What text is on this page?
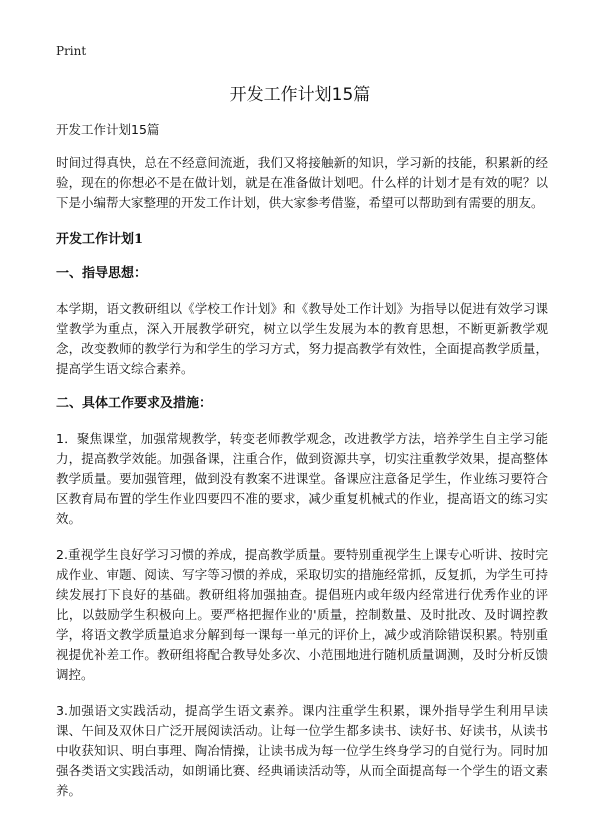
Print
开发工作计划15篇

开发工作计划15篇

时间过得真快，总在不经意间流逝，我们又将接触新的知识，学习新的技能，积累新的经验，现在的你想必不是在做计划，就是在准备做计划吧。什么样的计划才是有效的呢？以下是小编帮大家整理的开发工作计划，供大家参考借鉴，希望可以帮助到有需要的朋友。

开发工作计划1

一、指导思想：

本学期，语文教研组以《学校工作计划》和《教导处工作计划》为指导以促进有效学习课堂教学为重点，深入开展教学研究，树立以学生发展为本的教育思想，不断更新教学观念，改变教师的教学行为和学生的学习方式，努力提高教学有效性，全面提高教学质量，提高学生语文综合素养。

二、具体工作要求及措施：

1．聚焦课堂，加强常规教学，转变老师教学观念，改进教学方法，培养学生自主学习能力，提高教学效能。加强备课，注重合作，做到资源共享，切实注重教学效果，提高整体教学质量。要加强管理，做到没有教案不进课堂。备课应注意备足学生，作业练习要符合区教育局布置的学生作业四要四不准的要求，减少重复机械式的作业，提高语文的练习实效。

2.重视学生良好学习习惯的养成，提高教学质量。要特别重视学生上课专心听讲、按时完成作业、审题、阅读、写字等习惯的养成，采取切实的措施经常抓，反复抓，为学生可持续发展打下良好的基础。教研组将加强抽查。提倡班内或年级内经常进行优秀作业的评比，以鼓励学生积极向上。要严格把握作业的'质量，控制数量、及时批改、及时调控教学，将语文教学质量追求分解到每一课每一单元的评价上，减少或消除错误积累。特别重视提优补差工作。教研组将配合教导处多次、小范围地进行随机质量调测，及时分析反馈调控。

3.加强语文实践活动，提高学生语文素养。课内注重学生积累，课外指导学生利用早读课、午间及双休日广泛开展阅读活动。让每一位学生都多读书、读好书、好读书，从读书中收获知识、明白事理、陶冶情操，让读书成为每一位学生终身学习的自觉行为。同时加强各类语文实践活动，如朗诵比赛、经典诵读活动等，从而全面提高每一个学生的语文素养。
